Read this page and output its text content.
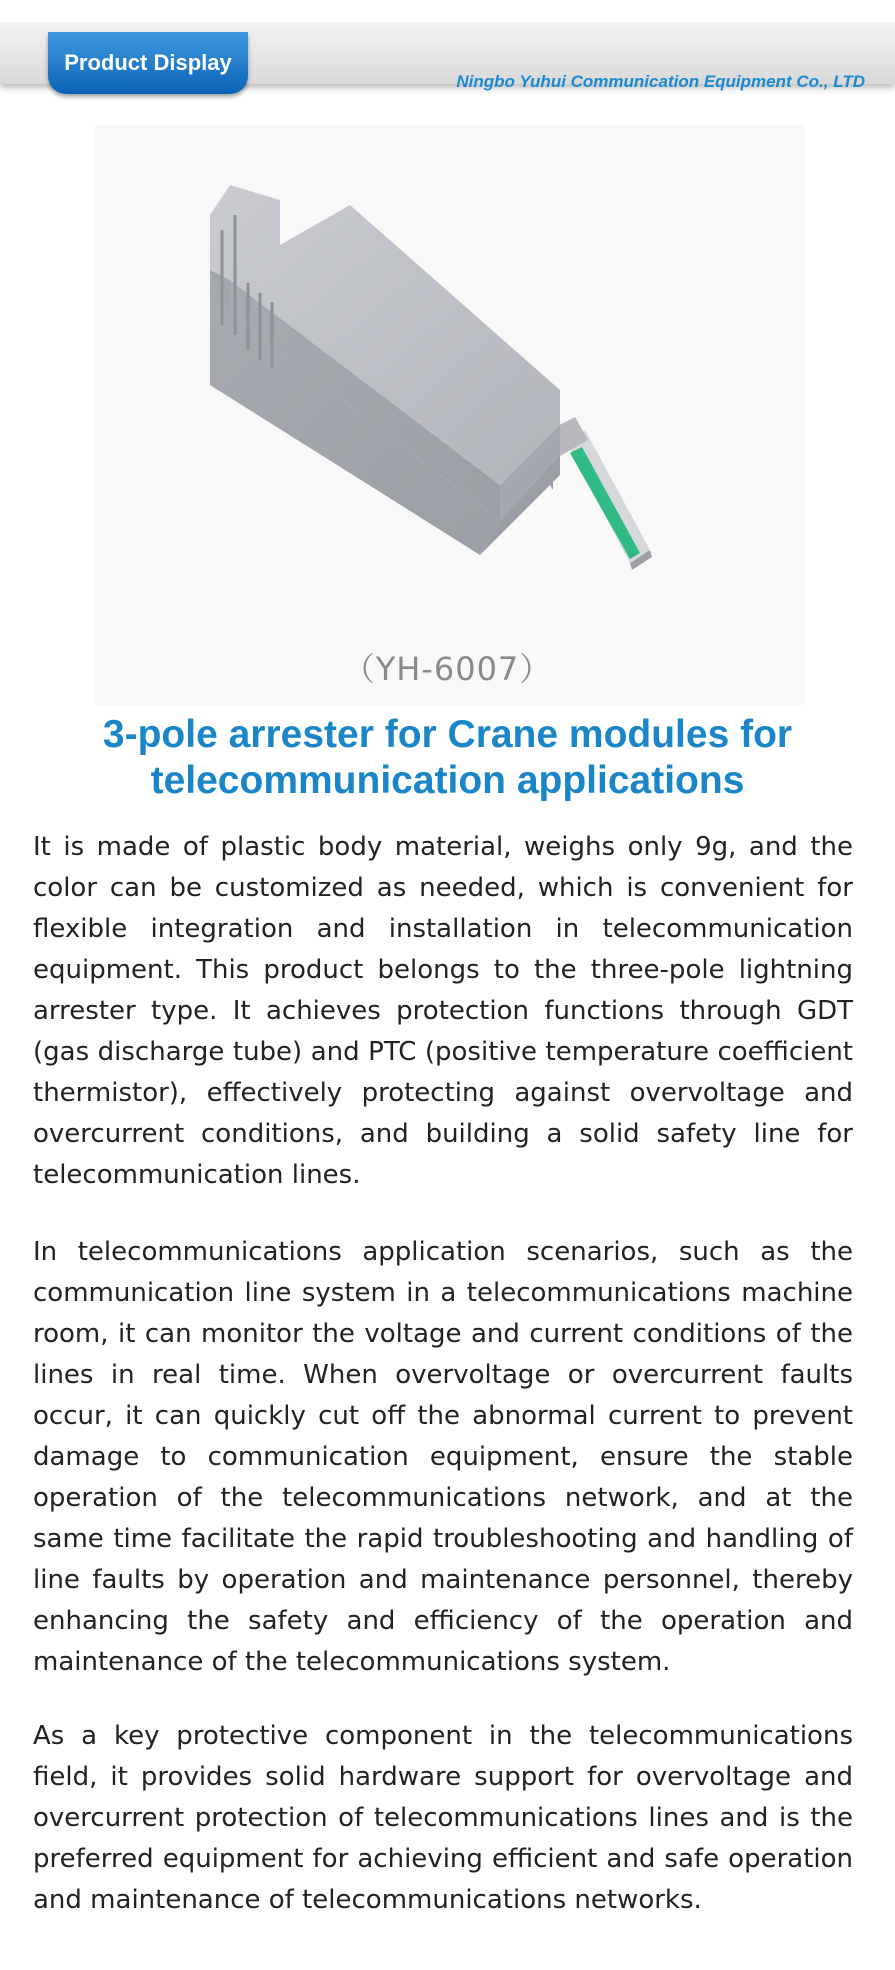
Product Display
Ningbo Yuhui Communication Equipment Co., LTD
（YH-6007）
3-pole arrester for Crane modules for telecommunication applications

It is made of plastic body material, weighs only 9g, and the color can be customized as needed, which is convenient for flexible integration and installation in telecommunication equipment. This product belongs to the three-pole lightning arrester type. It achieves protection functions through GDT (gas discharge tube) and PTC (positive temperature coefficient thermistor), effectively protecting against overvoltage and overcurrent conditions, and building a solid safety line for telecommunication lines.

In telecommunications application scenarios, such as the communication line system in a telecommunications machine room, it can monitor the voltage and current conditions of the lines in real time. When overvoltage or overcurrent faults occur, it can quickly cut off the abnormal current to prevent damage to communication equipment, ensure the stable operation of the telecommunications network, and at the same time facilitate the rapid troubleshooting and handling of line faults by operation and maintenance personnel, thereby enhancing the safety and efficiency of the operation and maintenance of the telecommunications system.

As a key protective component in the telecommunications field, it provides solid hardware support for overvoltage and overcurrent protection of telecommunications lines and is the preferred equipment for achieving efficient and safe operation and maintenance of telecommunications networks.
